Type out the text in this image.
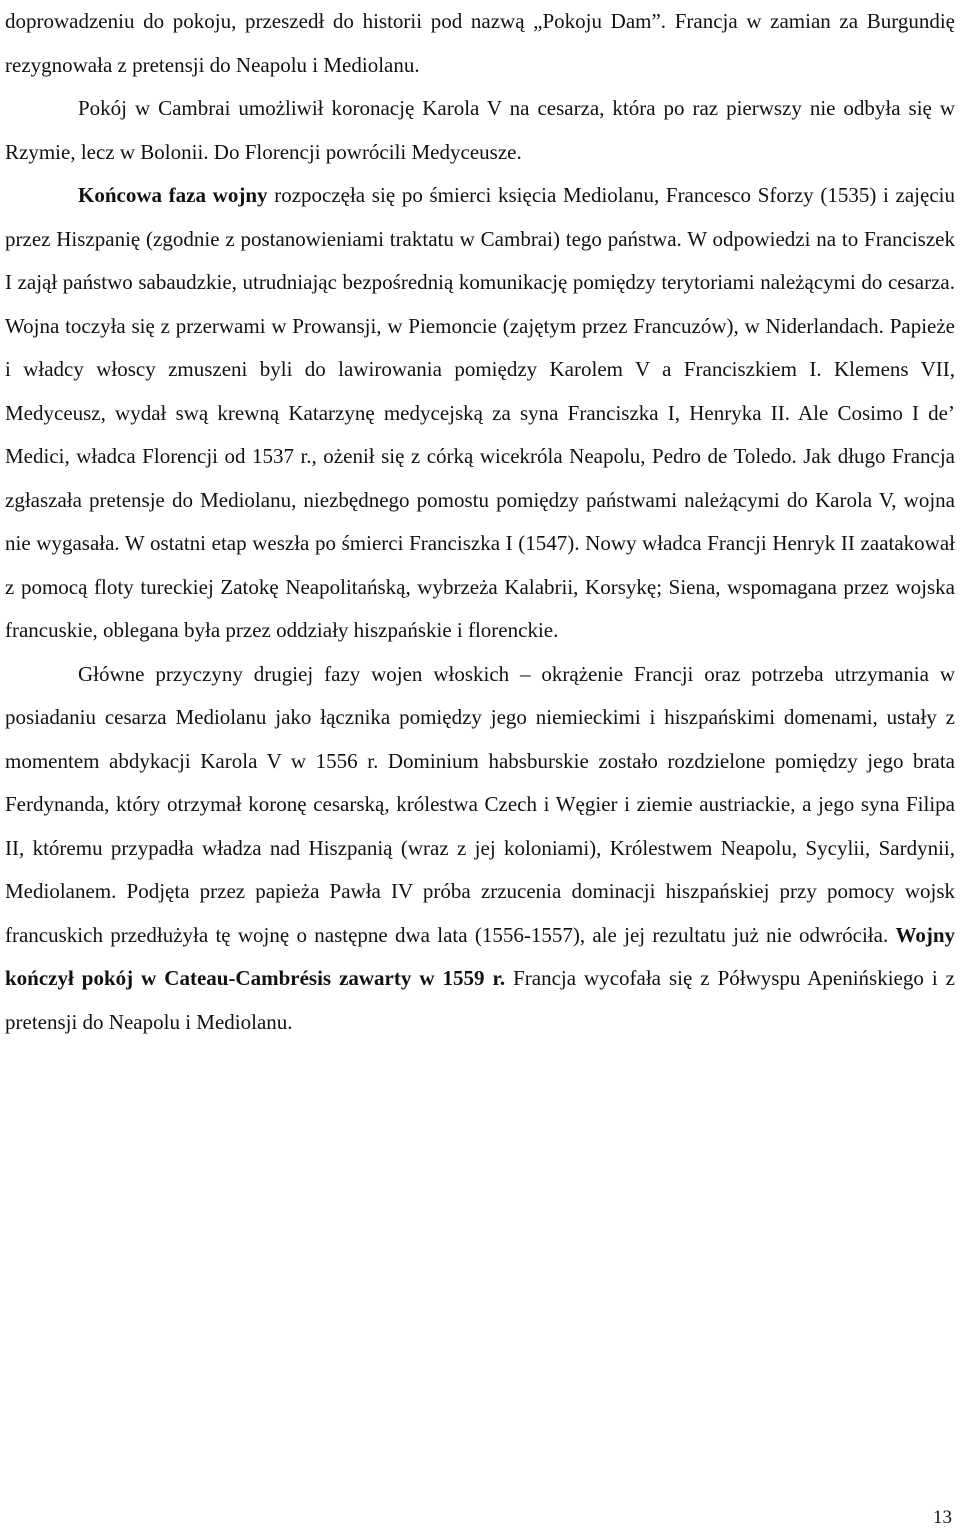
doprowadzeniu do pokoju, przeszedł do historii pod nazwą „Pokoju Dam”. Francja w zamian za Burgundię rezygnowała z pretensji do Neapolu i Mediolanu.

Pokój w Cambrai umożliwił koronację Karola V na cesarza, która po raz pierwszy nie odbyła się w Rzymie, lecz w Bolonii. Do Florencji powrócili Medyceusze.

Końcowa faza wojny rozpoczęła się po śmierci księcia Mediolanu, Francesco Sforzy (1535) i zajęciu przez Hiszpanię (zgodnie z postanowieniami traktatu w Cambrai) tego państwa. W odpowiedzi na to Franciszek I zajął państwo sabaudzkie, utrudniając bezpośrednią komunikację pomiędzy terytoriami należącymi do cesarza. Wojna toczyła się z przerwami w Prowansji, w Piemoncie (zajętym przez Francuzów), w Niderlandach. Papieże i władcy włoscy zmuszeni byli do lawirowania pomiędzy Karolem V a Franciszkiem I. Klemens VII, Medyceusz, wydał swą krewną Katarzynę medycejską za syna Franciszka I, Henryka II. Ale Cosimo I de’ Medici, władca Florencji od 1537 r., ożenił się z córką wicekróla Neapolu, Pedro de Toledo. Jak długo Francja zgłaszała pretensje do Mediolanu, niezbędnego pomostu pomiędzy państwami należącymi do Karola V, wojna nie wygasała. W ostatni etap weszła po śmierci Franciszka I (1547). Nowy władca Francji Henryk II zaatakował z pomocą floty tureckiej Zatokę Neapolitańską, wybrzeża Kalabrii, Korsykę; Siena, wspomagana przez wojska francuskie, oblegana była przez oddziały hiszpańskie i florenckie.

Główne przyczyny drugiej fazy wojen włoskich – okrążenie Francji oraz potrzeba utrzymania w posiadaniu cesarza Mediolanu jako łącznika pomiędzy jego niemieckimi i hiszpańskimi domenami, ustały z momentem abdykacji Karola V w 1556 r. Dominium habsburskie zostało rozdzielone pomiędzy jego brata Ferdynanda, który otrzymał koronę cesarską, królestwa Czech i Węgier i ziemie austriackie, a jego syna Filipa II, któremu przypadła władza nad Hiszpanią (wraz z jej koloniami), Królestwem Neapolu, Sycylii, Sardynii, Mediolanem. Podjęta przez papieża Pawła IV próba zrzucenia dominacji hiszpańskiej przy pomocy wojsk francuskich przedłużyła tę wojnę o następne dwa lata (1556-1557), ale jej rezultatu już nie odwróciła. Wojny kończył pokój w Cateau-Cambrésis zawarty w 1559 r. Francja wycofała się z Półwyspu Apenińskiego i z pretensji do Neapolu i Mediolanu.

13
